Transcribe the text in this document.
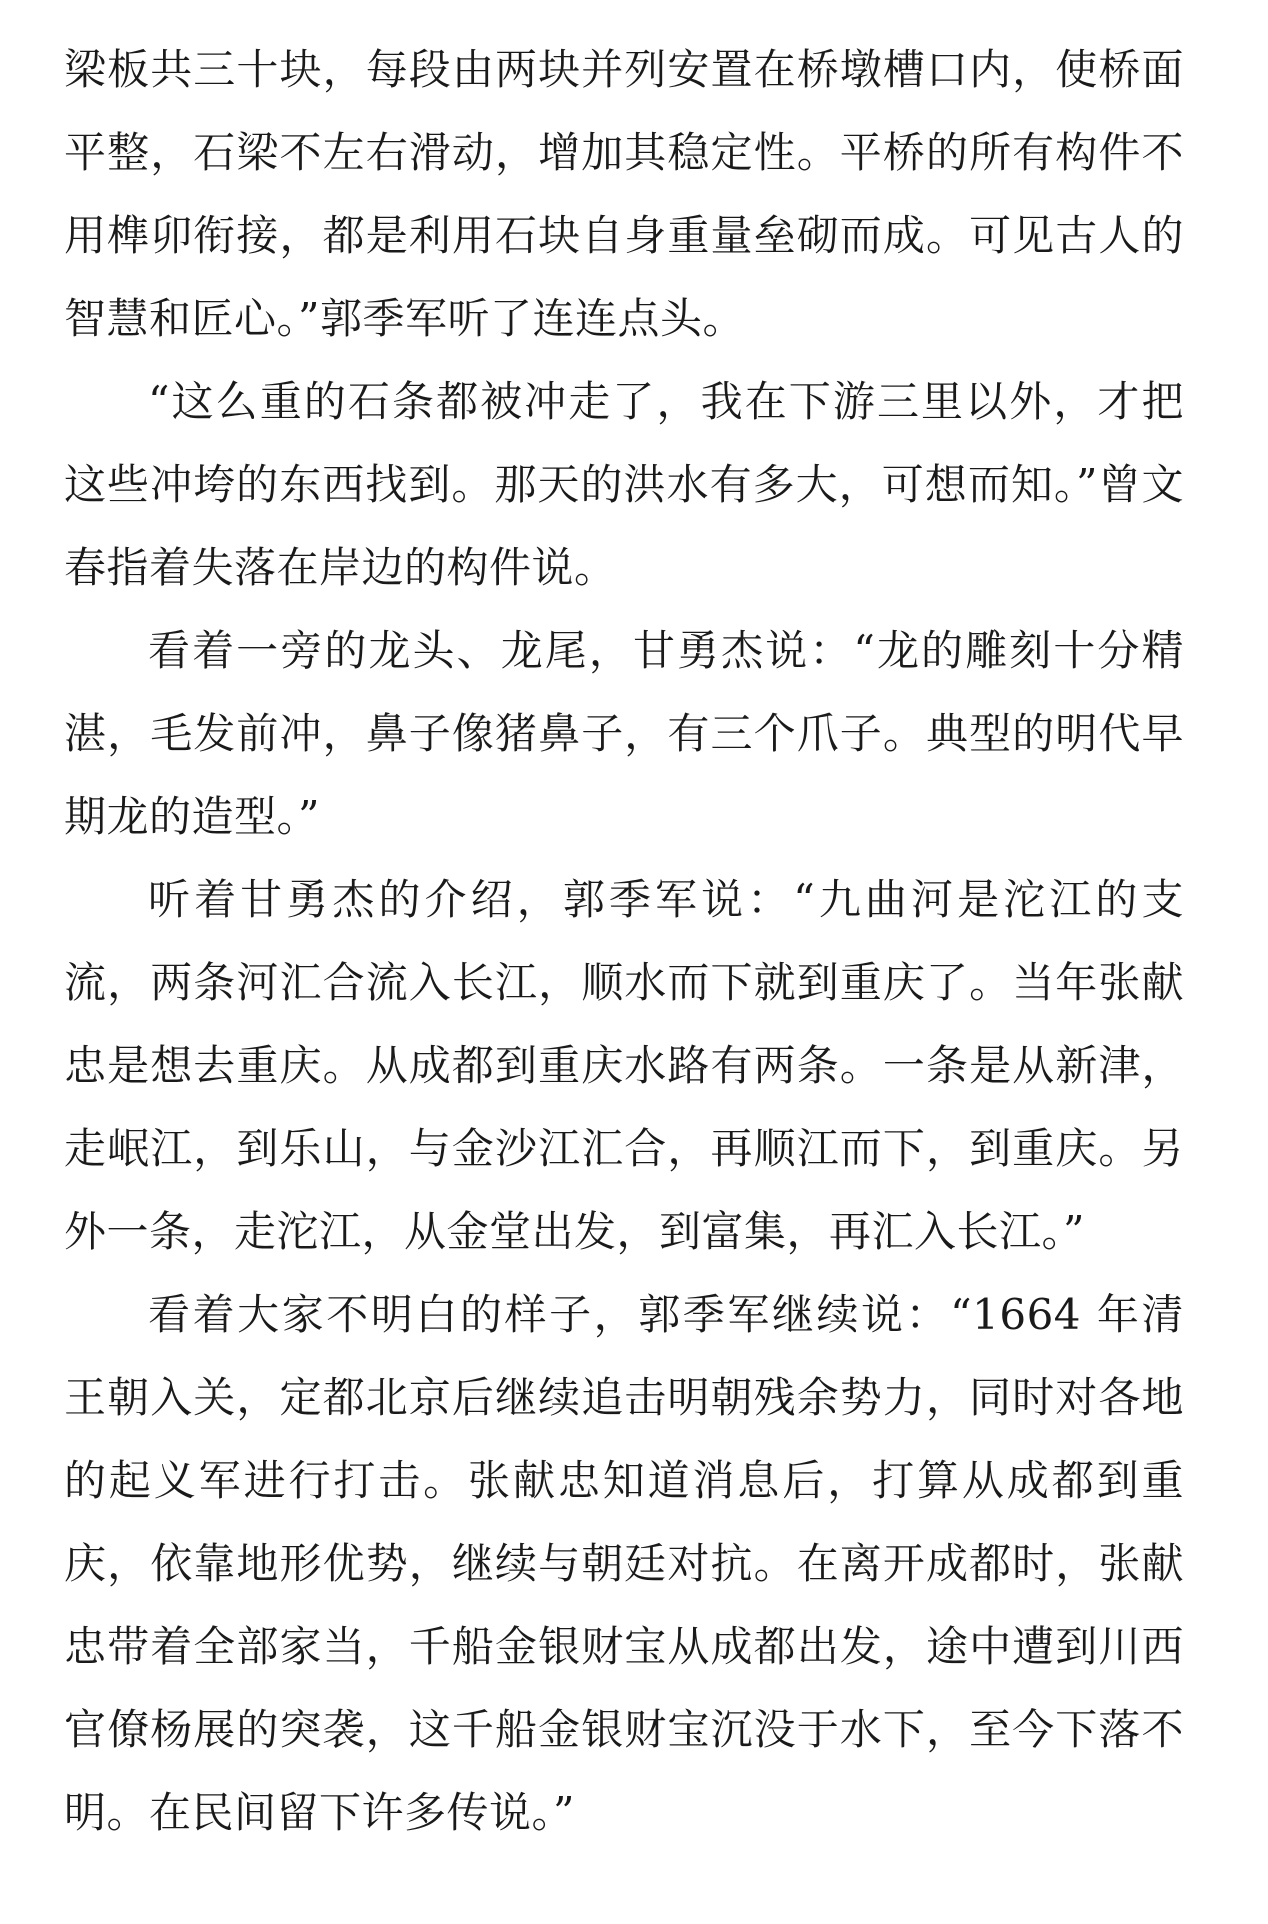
梁板共三十块，每段由两块并列安置在桥墩槽口内，使桥面平整，石梁不左右滑动，增加其稳定性。平桥的所有构件不用榫卯衔接，都是利用石块自身重量垒砌而成。可见古人的智慧和匠心。”郭季军听了连连点头。

“这么重的石条都被冲走了，我在下游三里以外，才把这些冲垮的东西找到。那天的洪水有多大，可想而知。”曾文春指着失落在岸边的构件说。

看着一旁的龙头、龙尾，甘勇杰说：“龙的雕刻十分精湛，毛发前冲，鼻子像猪鼻子，有三个爪子。典型的明代早期龙的造型。”

听着甘勇杰的介绍，郭季军说：“九曲河是沱江的支流，两条河汇合流入长江，顺水而下就到重庆了。当年张献忠是想去重庆。从成都到重庆水路有两条。一条是从新津，走岷江，到乐山，与金沙江汇合，再顺江而下，到重庆。另外一条，走沱江，从金堂出发，到富集，再汇入长江。”

看着大家不明白的样子，郭季军继续说：“1664 年清王朝入关，定都北京后继续追击明朝残余势力，同时对各地的起义军进行打击。张献忠知道消息后，打算从成都到重庆，依靠地形优势，继续与朝廷对抗。在离开成都时，张献忠带着全部家当，千船金银财宝从成都出发，途中遭到川西官僚杨展的突袭，这千船金银财宝沉没于水下，至今下落不明。在民间留下许多传说。”
